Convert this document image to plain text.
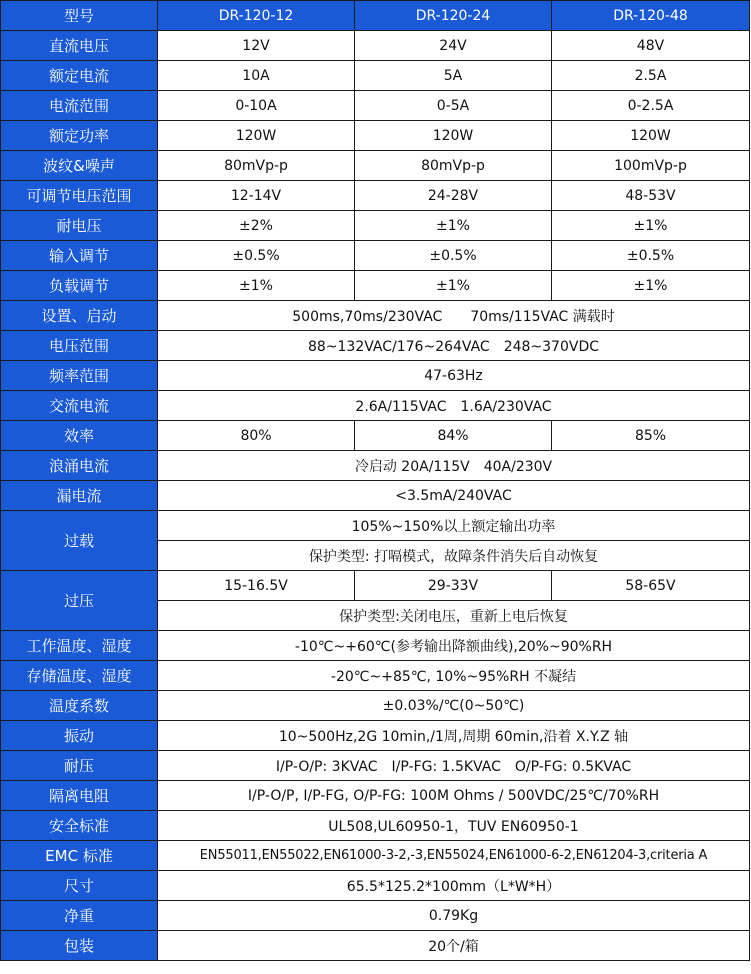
型号	DR-120-12	DR-120-24	DR-120-48
直流电压	12V	24V	48V
额定电流	10A	5A	2.5A
电流范围	0-10A	0-5A	0-2.5A
额定功率	120W	120W	120W
波纹&噪声	80mVp-p	80mVp-p	100mVp-p
可调节电压范围	12-14V	24-28V	48-53V
耐电压	±2%	±1%	±1%
输入调节	±0.5%	±0.5%	±0.5%
负载调节	±1%	±1%	±1%
设置、启动	500ms,70ms/230VAC　　70ms/115VAC 满载时		
电压范围	88~132VAC/176~264VAC　248~370VDC		
频率范围	47-63Hz		
交流电流	2.6A/115VAC　1.6A/230VAC		
效率	80%	84%	85%
浪涌电流	冷启动 20A/115V　40A/230V		
漏电流	<3.5mA/240VAC		
过载	105%~150%以上额定输出功率		
	保护类型: 打嗝模式，故障条件消失后自动恢复		
过压	15-16.5V	29-33V	58-65V
	保护类型:关闭电压，重新上电后恢复		
工作温度、湿度	-10℃~+60℃(参考输出降额曲线),20%~90%RH		
存储温度、湿度	-20℃~+85℃, 10%~95%RH 不凝结		
温度系数	±0.03%/℃(0~50℃)		
振动	10~500Hz,2G 10min,/1周,周期 60min,沿着 X.Y.Z 轴		
耐压	I/P-O/P: 3KVAC　I/P-FG: 1.5KVAC　O/P-FG: 0.5KVAC		
隔离电阻	I/P-O/P, I/P-FG, O/P-FG: 100M Ohms / 500VDC/25℃/70%RH		
安全标准	UL508,UL60950-1，TUV EN60950-1		
EMC 标准	EN55011,EN55022,EN61000-3-2,-3,EN55024,EN61000-6-2,EN61204-3,criteria A		
尺寸	65.5*125.2*100mm（L*W*H）		
净重	0.79Kg		
包装	20个/箱		
